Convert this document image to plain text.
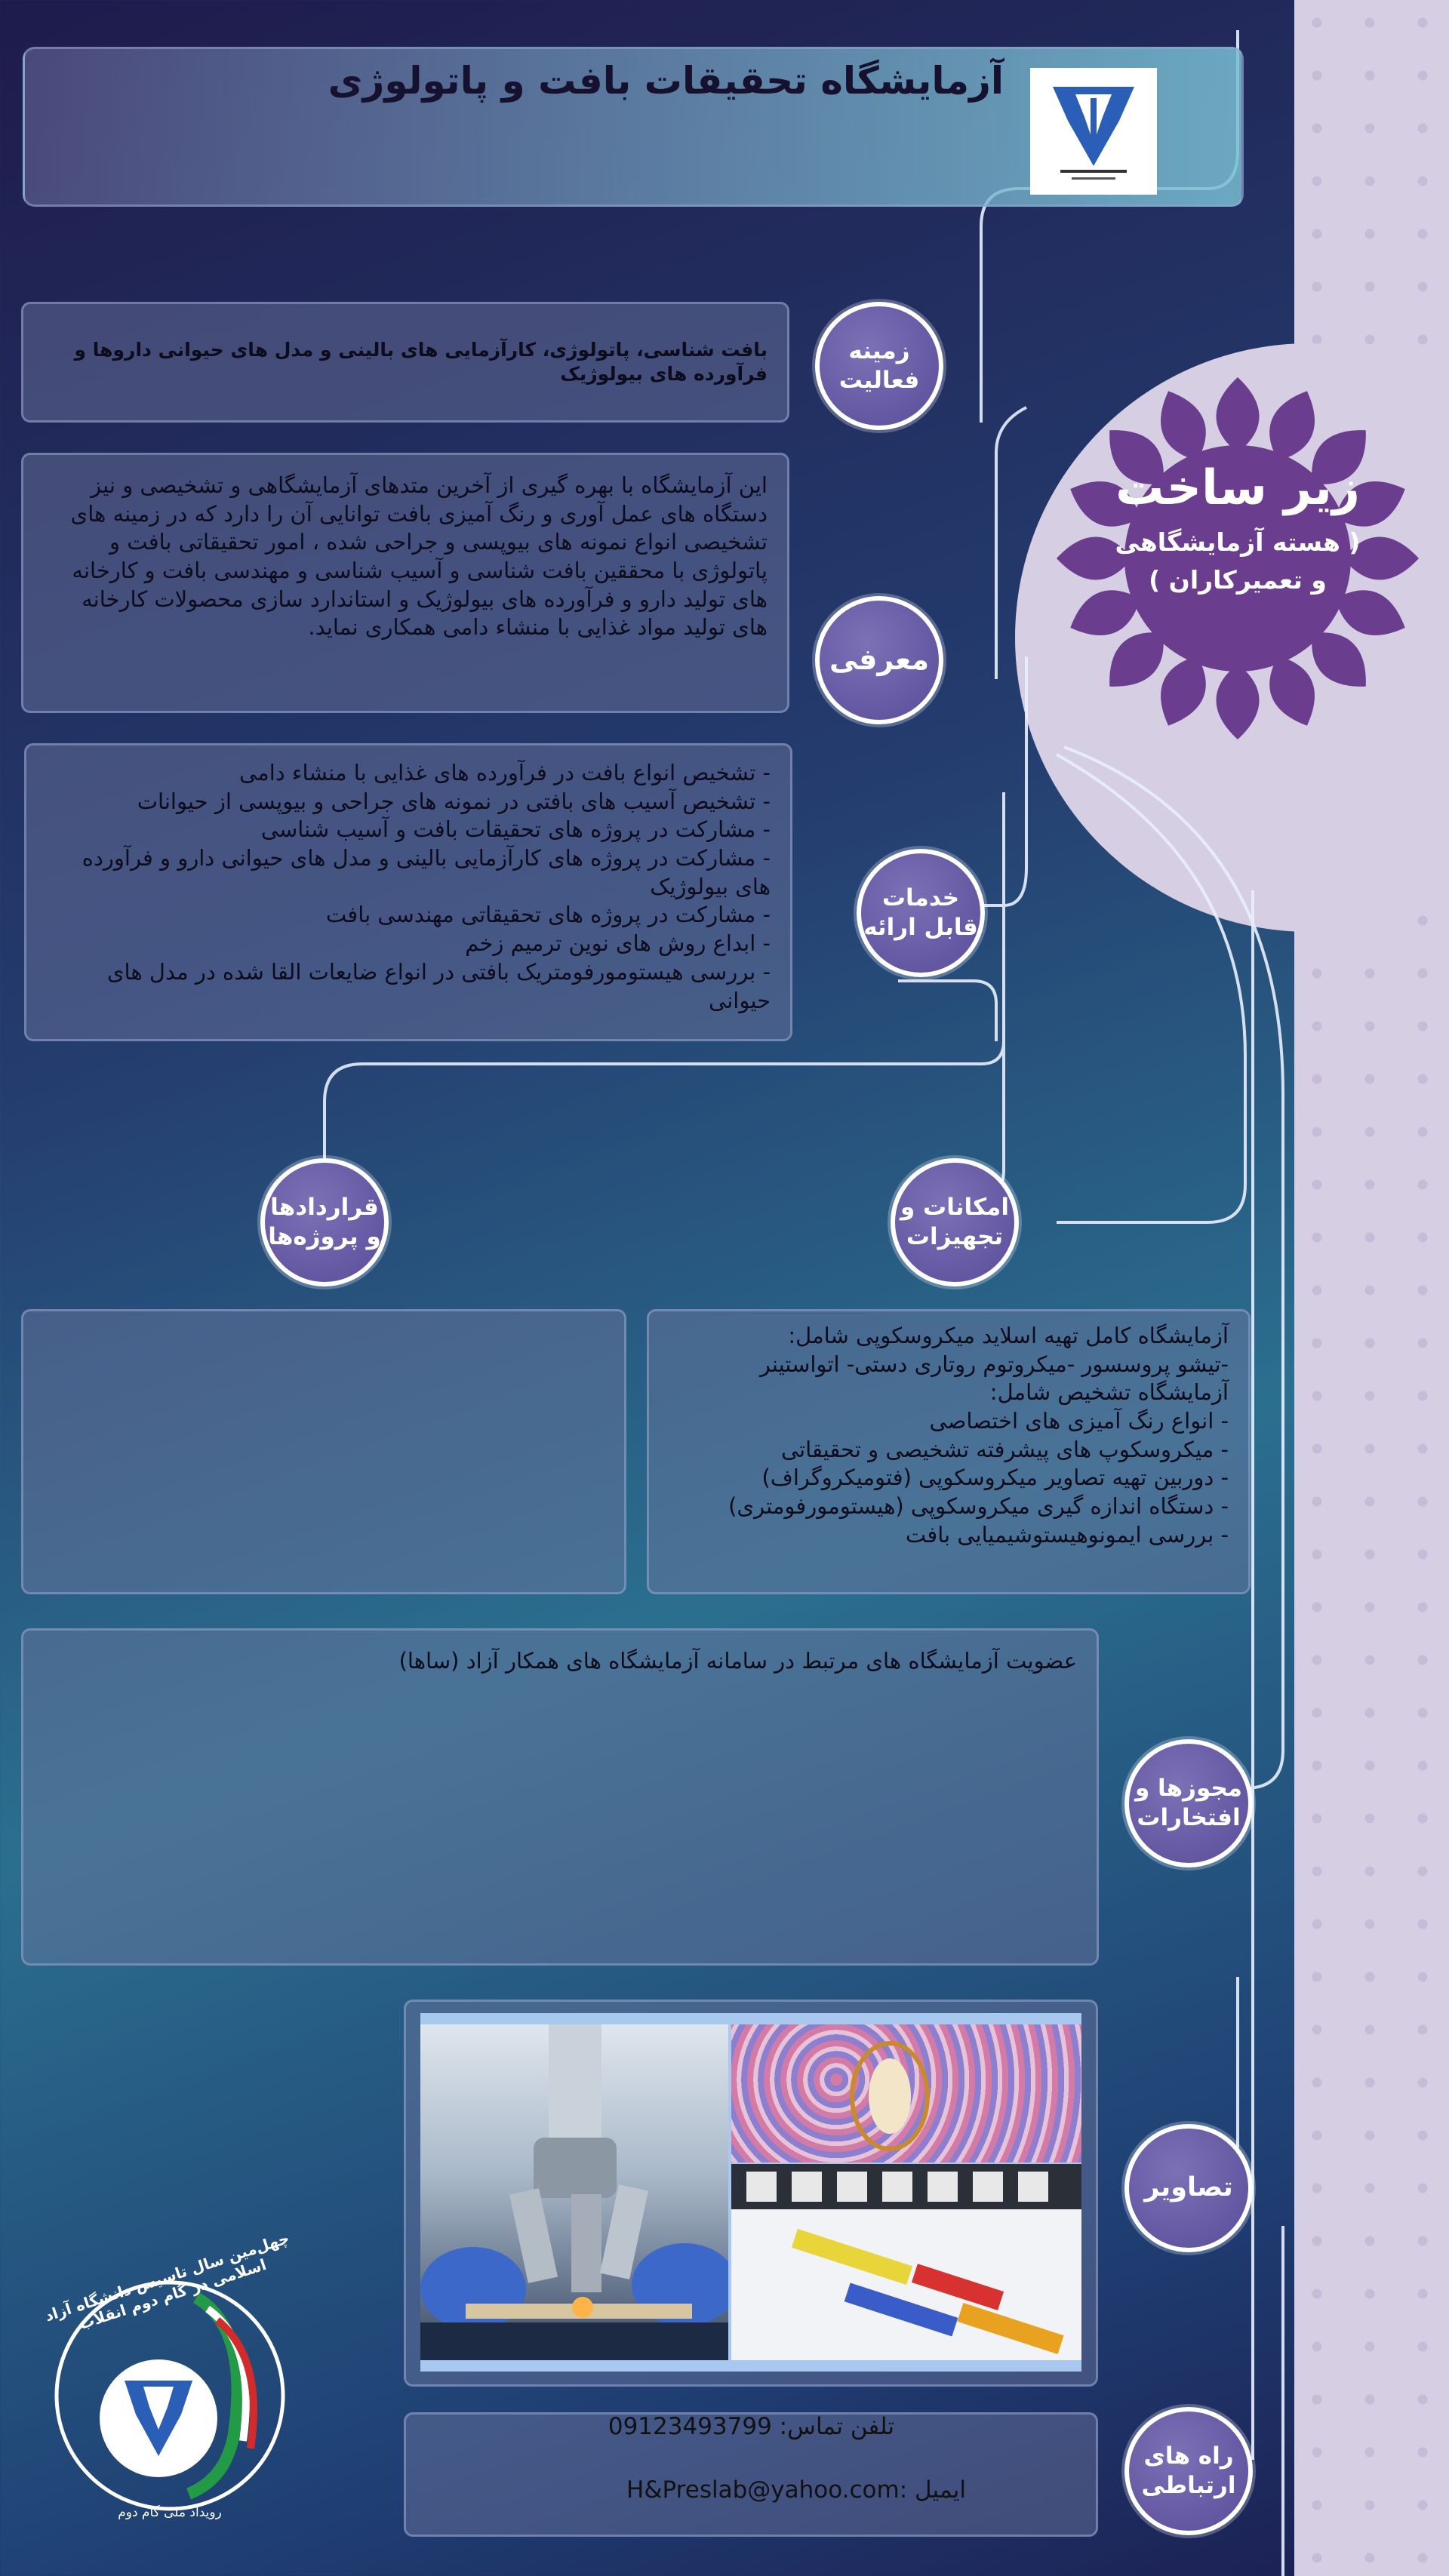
آزمایشگاه تحقیقات بافت و پاتولوژی
زیر ساخت
( هسته آزمایشگاهی و تعمیرکاران )
بافت شناسی، پاتولوژی، کارآزمایی های بالینی و مدل های حیوانی داروها و فرآورده های بیولوژیک
زمینه فعالیت
این آزمایشگاه با بهره گیری از آخرین متدهای آزمایشگاهی و تشخیصی و نیز دستگاه های عمل آوری و رنگ آمیزی بافت توانایی آن را دارد که در زمینه های تشخیصی انواع نمونه های بیوپسی و جراحی شده ، امور تحقیقاتی بافت و پاتولوژی با محققین بافت شناسی و آسیب شناسی و مهندسی بافت و کارخانه های تولید دارو و فرآورده های بیولوژیک و استاندارد سازی محصولات کارخانه های تولید مواد غذایی با منشاء دامی همکاری نماید.
معرفی
- تشخیص انواع بافت در فرآورده های غذایی با منشاء دامی
- تشخیص آسیب های بافتی در نمونه های جراحی و بیوپسی از حیوانات
- مشارکت در پروژه های تحقیقات بافت و آسیب شناسی
- مشارکت در پروژه های کارآزمایی بالینی و مدل های حیوانی دارو و فرآورده های بیولوژیک
- مشارکت در پروژه های تحقیقاتی مهندسی بافت
- ابداع روش های نوین ترمیم زخم
- بررسی هیستومورفومتریک بافتی در انواع ضایعات القا شده در مدل های حیوانی
خدمات قابل ارائه
قراردادها و پروژه‌ها
امکانات و تجهیزات
آزمایشگاه کامل تهیه اسلاید میکروسکوپی شامل:
-تیشو پروسسور -میکروتوم روتاری دستی- اتواستینر
آزمایشگاه تشخیص شامل:
- انواع رنگ آمیزی های اختصاصی
- میکروسکوپ های پیشرفته تشخیصی و تحقیقاتی
- دوربین تهیه تصاویر میکروسکوپی (فتومیکروگراف)
- دستگاه اندازه گیری میکروسکوپی (هیستومورفومتری)
- بررسی ایمونوهیستوشیمیایی بافت
عضویت آزمایشگاه های مرتبط در سامانه آزمایشگاه های همکار آزاد (ساها)
مجوزها و افتخارات
تصاویر
تلفن تماس: 09123493799
ایمیل :H&Preslab@yahoo.com
راه های ارتباطی
چهل‌مین سال تاسیس دانشگاه آزاد اسلامی در گام دوم انقلاب
رویداد ملی گام دوم
